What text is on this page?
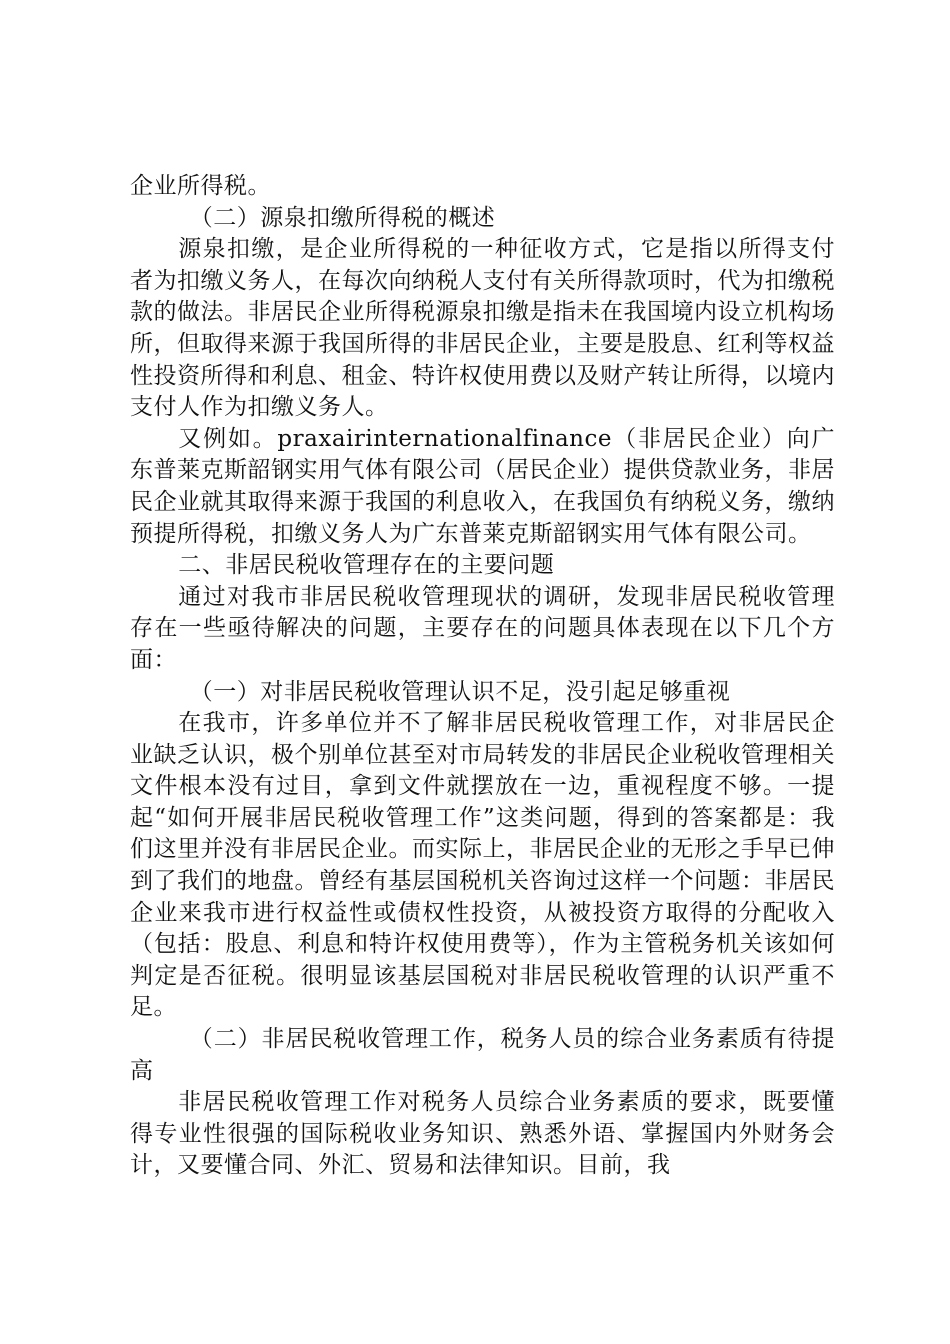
企业所得税。

（二）源泉扣缴所得税的概述

源泉扣缴，是企业所得税的一种征收方式，它是指以所得支付者为扣缴义务人，在每次向纳税人支付有关所得款项时，代为扣缴税款的做法。非居民企业所得税源泉扣缴是指未在我国境内设立机构场所，但取得来源于我国所得的非居民企业，主要是股息、红利等权益性投资所得和利息、租金、特许权使用费以及财产转让所得，以境内支付人作为扣缴义务人。

又例如。praxairinternationalfinance（非居民企业）向广东普莱克斯韶钢实用气体有限公司（居民企业）提供贷款业务，非居民企业就其取得来源于我国的利息收入，在我国负有纳税义务，缴纳预提所得税，扣缴义务人为广东普莱克斯韶钢实用气体有限公司。

二、非居民税收管理存在的主要问题

通过对我市非居民税收管理现状的调研，发现非居民税收管理存在一些亟待解决的问题，主要存在的问题具体表现在以下几个方面：

（一）对非居民税收管理认识不足，没引起足够重视

在我市，许多单位并不了解非居民税收管理工作，对非居民企业缺乏认识，极个别单位甚至对市局转发的非居民企业税收管理相关文件根本没有过目，拿到文件就摆放在一边，重视程度不够。一提起“如何开展非居民税收管理工作”这类问题，得到的答案都是：我们这里并没有非居民企业。而实际上，非居民企业的无形之手早已伸到了我们的地盘。曾经有基层国税机关咨询过这样一个问题：非居民企业来我市进行权益性或债权性投资，从被投资方取得的分配收入（包括：股息、利息和特许权使用费等），作为主管税务机关该如何判定是否征税。很明显该基层国税对非居民税收管理的认识严重不足。

（二）非居民税收管理工作，税务人员的综合业务素质有待提高

非居民税收管理工作对税务人员综合业务素质的要求，既要懂得专业性很强的国际税收业务知识、熟悉外语、掌握国内外财务会计，又要懂合同、外汇、贸易和法律知识。目前，我
